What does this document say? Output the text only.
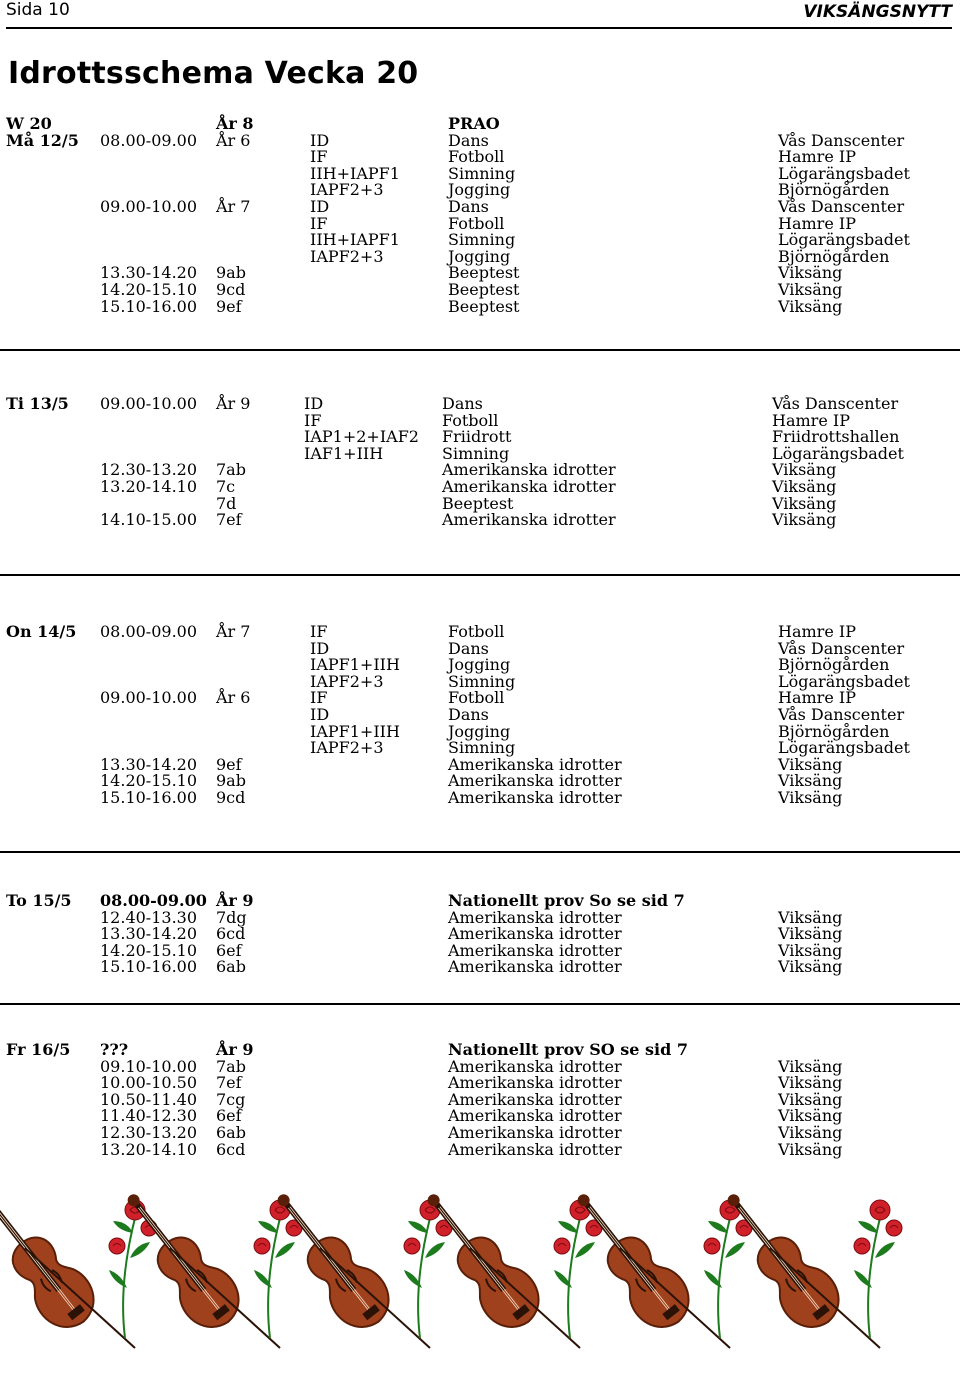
Sida 10	VIKSÄNGSNYTT
Idrottsschema Vecka 20
W 20	År 8	PRAO
Må 12/5 08.00-09.00 År 6	ID	Dans	Vås Danscenter
IF	Fotboll	Hamre IP
IIH+IAPF1	Simning	Lögarängsbadet
IAPF2+3	Jogging	Björnögården
09.00-10.00 År 7	ID	Dans	Vås Danscenter
IF	Fotboll	Hamre IP
IIH+IAPF1	Simning	Lögarängsbadet
IAPF2+3	Jogging	Björnögården
13.30-14.20 9ab	Beeptest	Viksäng
14.20-15.10 9cd	Beeptest	Viksäng
15.10-16.00 9ef	Beeptest	Viksäng
Ti 13/5 09.00-10.00 År 9	ID	Dans	Vås Danscenter
IF	Fotboll	Hamre IP
IAP1+2+IAF2 Friidrott	Friidrottshallen
IAF1+IIH	Simning	Lögarängsbadet
12.30-13.20 7ab	Amerikanska idrotter	Viksäng
13.20-14.10 7c	Amerikanska idrotter	Viksäng
7d	Beeptest	Viksäng
14.10-15.00 7ef	Amerikanska idrotter	Viksäng
On 14/5 08.00-09.00 År 7	IF	Fotboll	Hamre IP
ID	Dans	Vås Danscenter
IAPF1+IIH	Jogging	Björnögården
IAPF2+3	Simning	Lögarängsbadet
09.00-10.00 År 6	IF	Fotboll	Hamre IP
ID	Dans	Vås Danscenter
IAPF1+IIH	Jogging	Björnögården
IAPF2+3	Simning	Lögarängsbadet
13.30-14.20 9ef	Amerikanska idrotter	Viksäng
14.20-15.10 9ab	Amerikanska idrotter	Viksäng
15.10-16.00 9cd	Amerikanska idrotter	Viksäng
To 15/5 08.00-09.00 År 9	Nationellt prov So se sid 7
12.40-13.30 7dg	Amerikanska idrotter	Viksäng
13.30-14.20 6cd	Amerikanska idrotter	Viksäng
14.20-15.10 6ef	Amerikanska idrotter	Viksäng
15.10-16.00 6ab	Amerikanska idrotter	Viksäng
Fr 16/5 ???	År 9	Nationellt prov SO se sid 7
09.10-10.00 7ab	Amerikanska idrotter	Viksäng
10.00-10.50 7ef	Amerikanska idrotter	Viksäng
10.50-11.40 7cg	Amerikanska idrotter	Viksäng
11.40-12.30 6ef	Amerikanska idrotter	Viksäng
12.30-13.20 6ab	Amerikanska idrotter	Viksäng
13.20-14.10 6cd	Amerikanska idrotter	Viksäng
